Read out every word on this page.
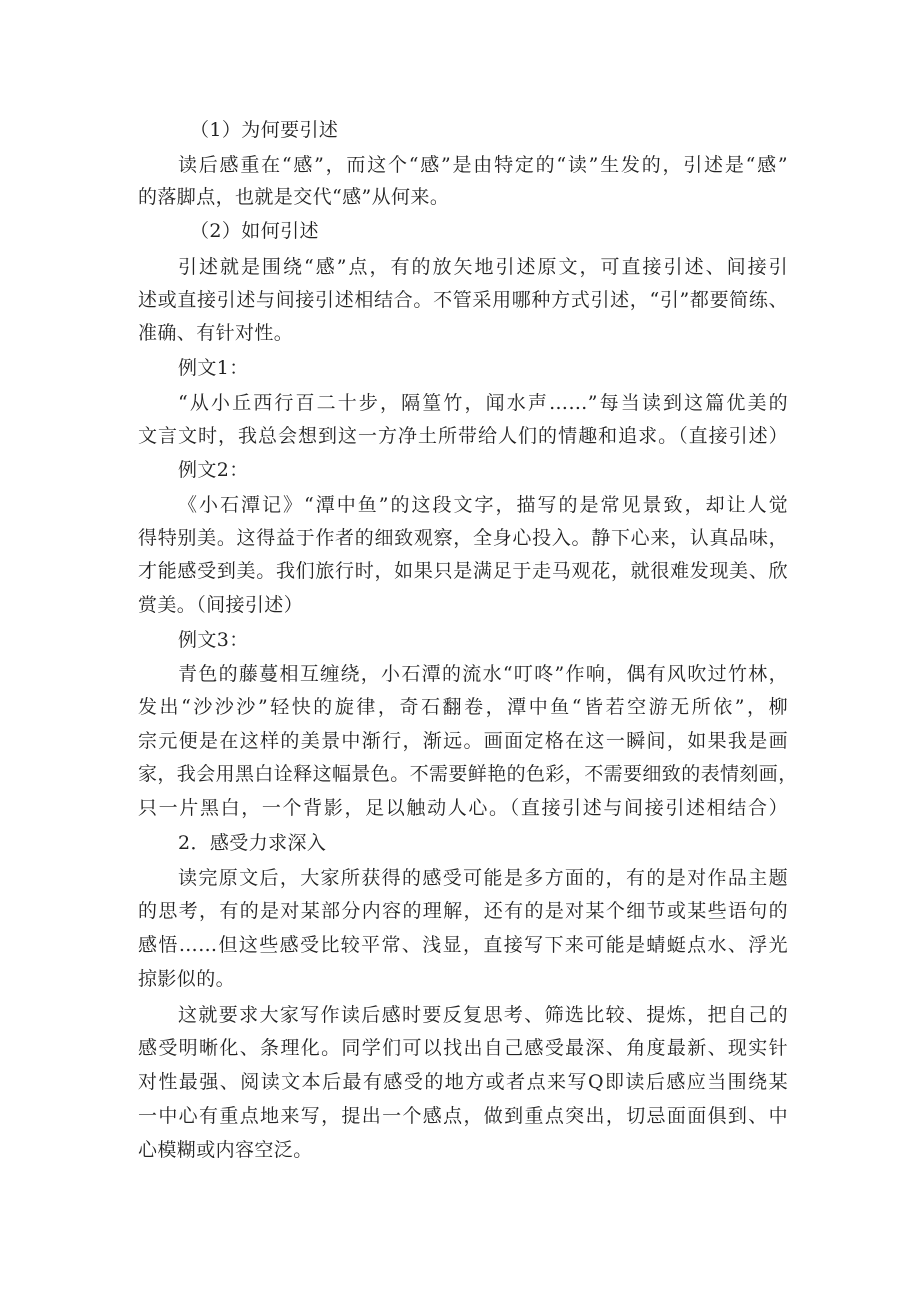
（1）为何要引述
读后感重在“感”，而这个“感”是由特定的“读”生发的，引述是“感”
的落脚点，也就是交代“感”从何来。
（2）如何引述
引述就是围绕“感”点，有的放矢地引述原文，可直接引述、间接引
述或直接引述与间接引述相结合。不管采用哪种方式引述，“引”都要简练、
准确、有针对性。
例文1：
“从小丘西行百二十步，隔篁竹，闻水声……”每当读到这篇优美的
文言文时，我总会想到这一方净土所带给人们的情趣和追求。（直接引述）
例文2：
《小石潭记》“潭中鱼”的这段文字，描写的是常见景致，却让人觉
得特别美。这得益于作者的细致观察，全身心投入。静下心来，认真品味，
才能感受到美。我们旅行时，如果只是满足于走马观花，就很难发现美、欣
赏美。（间接引述）
例文3：
青色的藤蔓相互缠绕，小石潭的流水“叮咚”作响，偶有风吹过竹林，
发出“沙沙沙”轻快的旋律，奇石翻卷，潭中鱼“皆若空游无所依”，柳
宗元便是在这样的美景中渐行，渐远。画面定格在这一瞬间，如果我是画
家，我会用黑白诠释这幅景色。不需要鲜艳的色彩，不需要细致的表情刻画，
只一片黑白，一个背影，足以触动人心。（直接引述与间接引述相结合）
2．感受力求深入
读完原文后，大家所获得的感受可能是多方面的，有的是对作品主题
的思考，有的是对某部分内容的理解，还有的是对某个细节或某些语句的
感悟……但这些感受比较平常、浅显，直接写下来可能是蜻蜓点水、浮光
掠影似的。
这就要求大家写作读后感时要反复思考、筛选比较、提炼，把自己的
感受明晰化、条理化。同学们可以找出自己感受最深、角度最新、现实针
对性最强、阅读文本后最有感受的地方或者点来写Q即读后感应当围绕某
一中心有重点地来写，提出一个感点，做到重点突出，切忌面面俱到、中
心模糊或内容空泛。
